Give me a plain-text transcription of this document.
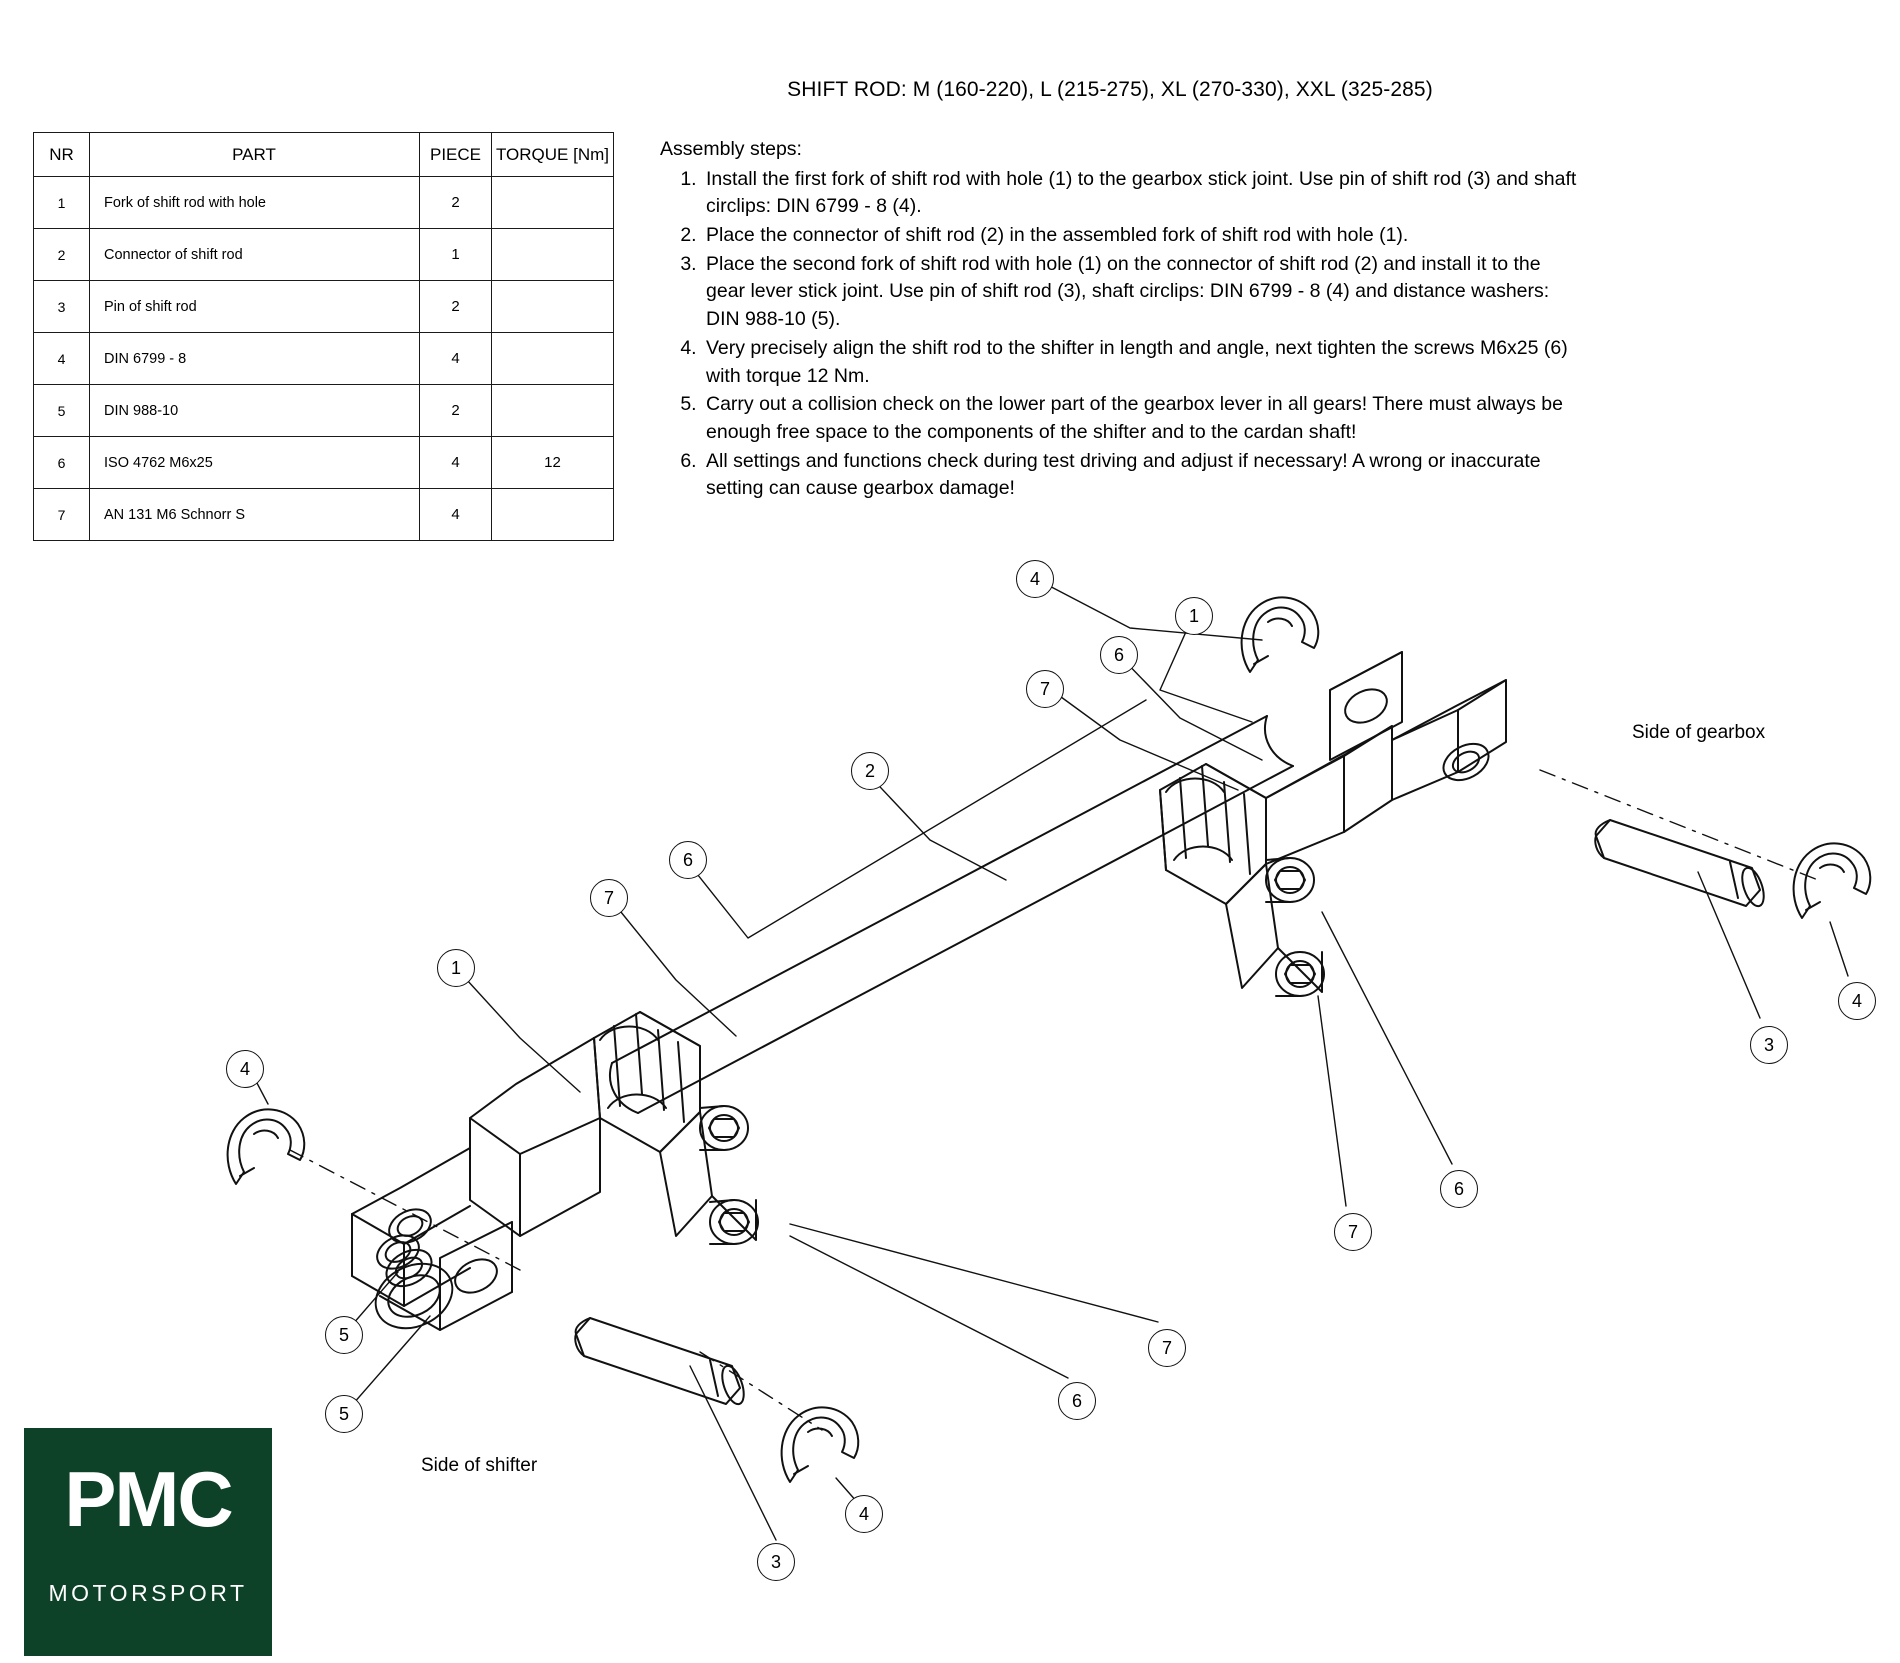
SHIFT ROD: M (160-220), L (215-275), XL (270-330), XXL (325-285)
NR	PART	PIECE	TORQUE [Nm]
1	Fork of shift rod with hole	2	
2	Connector of shift rod	1	
3	Pin of shift rod	2	
4	DIN 6799 - 8	4	
5	DIN 988-10	2	
6	ISO 4762 M6x25	4	12
7	AN 131 M6 Schnorr S	4	
Assembly steps:
1. Install the first fork of shift rod with hole (1) to the gearbox stick joint. Use pin of shift rod (3) and shaft circlips: DIN 6799 - 8 (4).
2. Place the connector of shift rod (2) in the assembled fork of shift rod with hole (1).
3. Place the second fork of shift rod with hole (1) on the connector of shift rod (2) and install it to the gear lever stick joint. Use pin of shift rod (3), shaft circlips: DIN 6799 - 8 (4) and distance washers: DIN 988-10 (5).
4. Very precisely align the shift rod to the shifter in length and angle, next tighten the screws M6x25 (6) with torque 12 Nm.
5. Carry out a collision check on the lower part of the gearbox lever in all gears! There must always be enough free space to the components of the shifter and to the cardan shaft!
6. All settings and functions check during test driving and adjust if necessary! A wrong or inaccurate setting can cause gearbox damage!
4
1
6
7
2
6
7
1
4
5
5
4
3
6
7
7
6
3
4
Side of gearbox
Side of shifter
PMC
MOTORSPORT
